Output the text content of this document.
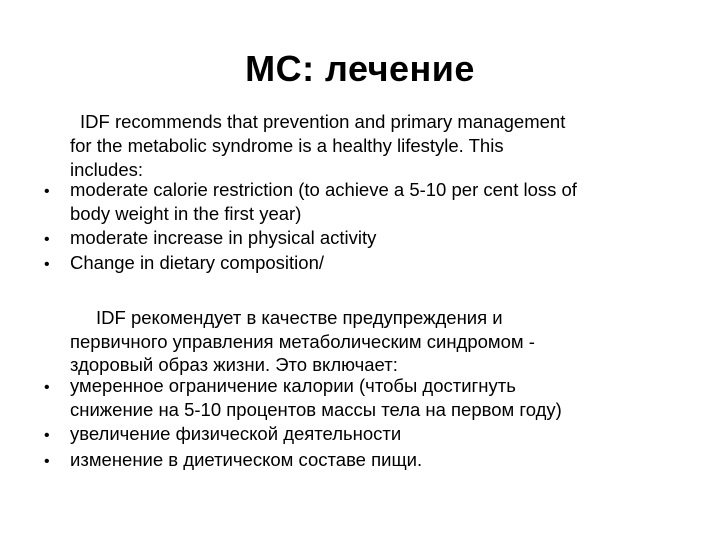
МС: лечение
IDF recommends that prevention and primary management
for the metabolic syndrome is a healthy lifestyle. This
includes:
• moderate calorie restriction (to achieve a 5-10 per cent loss of
body weight in the first year)
• moderate increase in physical activity
• Change in dietary composition/
IDF рекомендует в качестве предупреждения и
первичного управления метаболическим синдромом -
здоровый образ жизни. Это включает:
• умеренное ограничение калории (чтобы достигнуть
снижение на 5-10 процентов массы тела на первом году)
• увеличение физической деятельности
• изменение в диетическом составе пищи.
